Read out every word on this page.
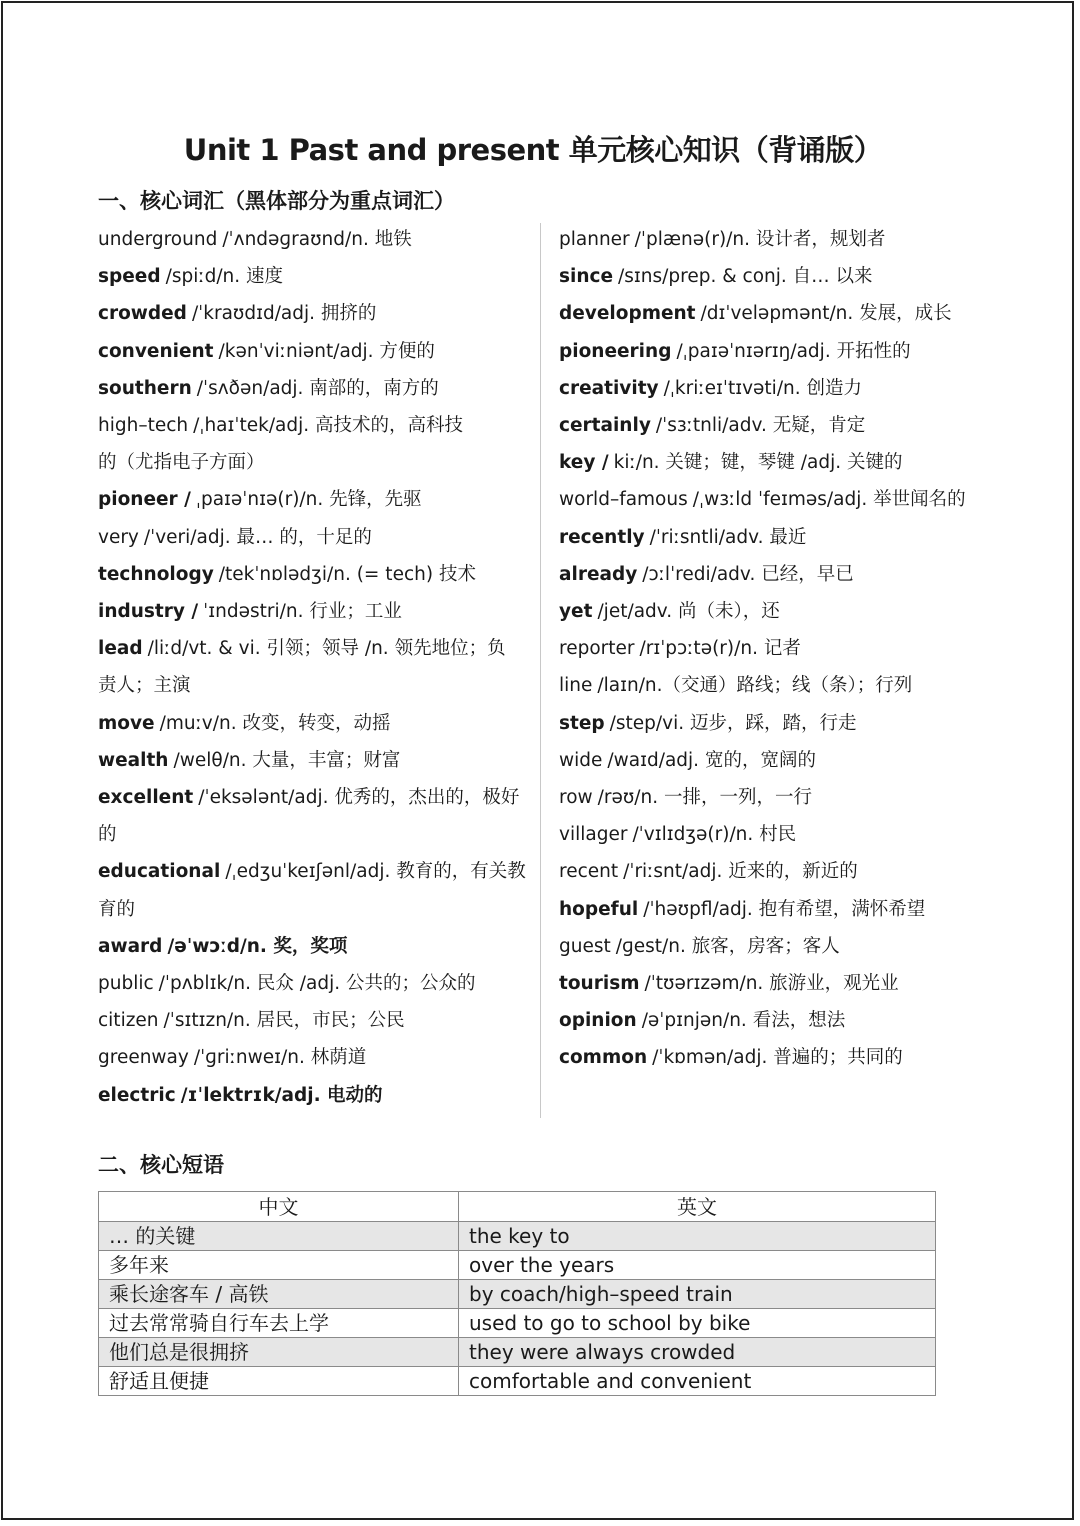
Unit 1 Past and present 单元核心知识（背诵版）
一、核心词汇（黑体部分为重点词汇）
underground /ˈʌndəɡraʊnd/n. 地铁
speed /spiːd/n. 速度
crowded /ˈkraʊdɪd/adj. 拥挤的
convenient /kənˈviːniənt/adj. 方便的
southern /ˈsʌðən/adj. 南部的，南方的
high–tech /ˌhaɪˈtek/adj. 高技术的，高科技
的（尤指电子方面）
pioneer / ˌpaɪəˈnɪə(r)/n. 先锋，先驱
very /ˈveri/adj. 最… 的，十足的
technology /tekˈnɒlədʒi/n. (= tech) 技术
industry / ˈɪndəstri/n. 行业；工业
lead /liːd/vt. & vi. 引领；领导 /n. 领先地位；负
责人；主演
move /muːv/n. 改变，转变，动摇
wealth /welθ/n. 大量，丰富；财富
excellent /ˈeksələnt/adj. 优秀的，杰出的，极好
的
educational /ˌedʒuˈkeɪʃənl/adj. 教育的，有关教
育的
award /əˈwɔːd/n. 奖，奖项
public /ˈpʌblɪk/n. 民众 /adj. 公共的；公众的
citizen /ˈsɪtɪzn/n. 居民，市民；公民
greenway /ˈɡriːnweɪ/n. 林荫道
electric /ɪˈlektrɪk/adj. 电动的
planner /ˈplænə(r)/n. 设计者，规划者
since /sɪns/prep. & conj. 自… 以来
development /dɪˈveləpmənt/n. 发展，成长
pioneering /ˌpaɪəˈnɪərɪŋ/adj. 开拓性的
creativity /ˌkriːeɪˈtɪvəti/n. 创造力
certainly /ˈsɜːtnli/adv. 无疑，肯定
key / kiː/n. 关键；键，琴键 /adj. 关键的
world–famous /ˌwɜːld ˈfeɪməs/adj. 举世闻名的
recently /ˈriːsntli/adv. 最近
already /ɔːlˈredi/adv. 已经，早已
yet /jet/adv. 尚（未），还
reporter /rɪˈpɔːtə(r)/n. 记者
line /laɪn/n.（交通）路线；线（条）；行列
step /step/vi. 迈步，踩，踏，行走
wide /waɪd/adj. 宽的，宽阔的
row /rəʊ/n. 一排，一列，一行
villager /ˈvɪlɪdʒə(r)/n. 村民
recent /ˈriːsnt/adj. 近来的，新近的
hopeful /ˈhəʊpfl/adj. 抱有希望，满怀希望
guest /ɡest/n. 旅客，房客；客人
tourism /ˈtʊərɪzəm/n. 旅游业，观光业
opinion /əˈpɪnjən/n. 看法，想法
common /ˈkɒmən/adj. 普遍的；共同的
二、核心短语
中文	英文
… 的关键	the key to
多年来	over the years
乘长途客车 / 高铁	by coach/high–speed train
过去常常骑自行车去上学	used to go to school by bike
他们总是很拥挤	they were always crowded
舒适且便捷	comfortable and convenient
